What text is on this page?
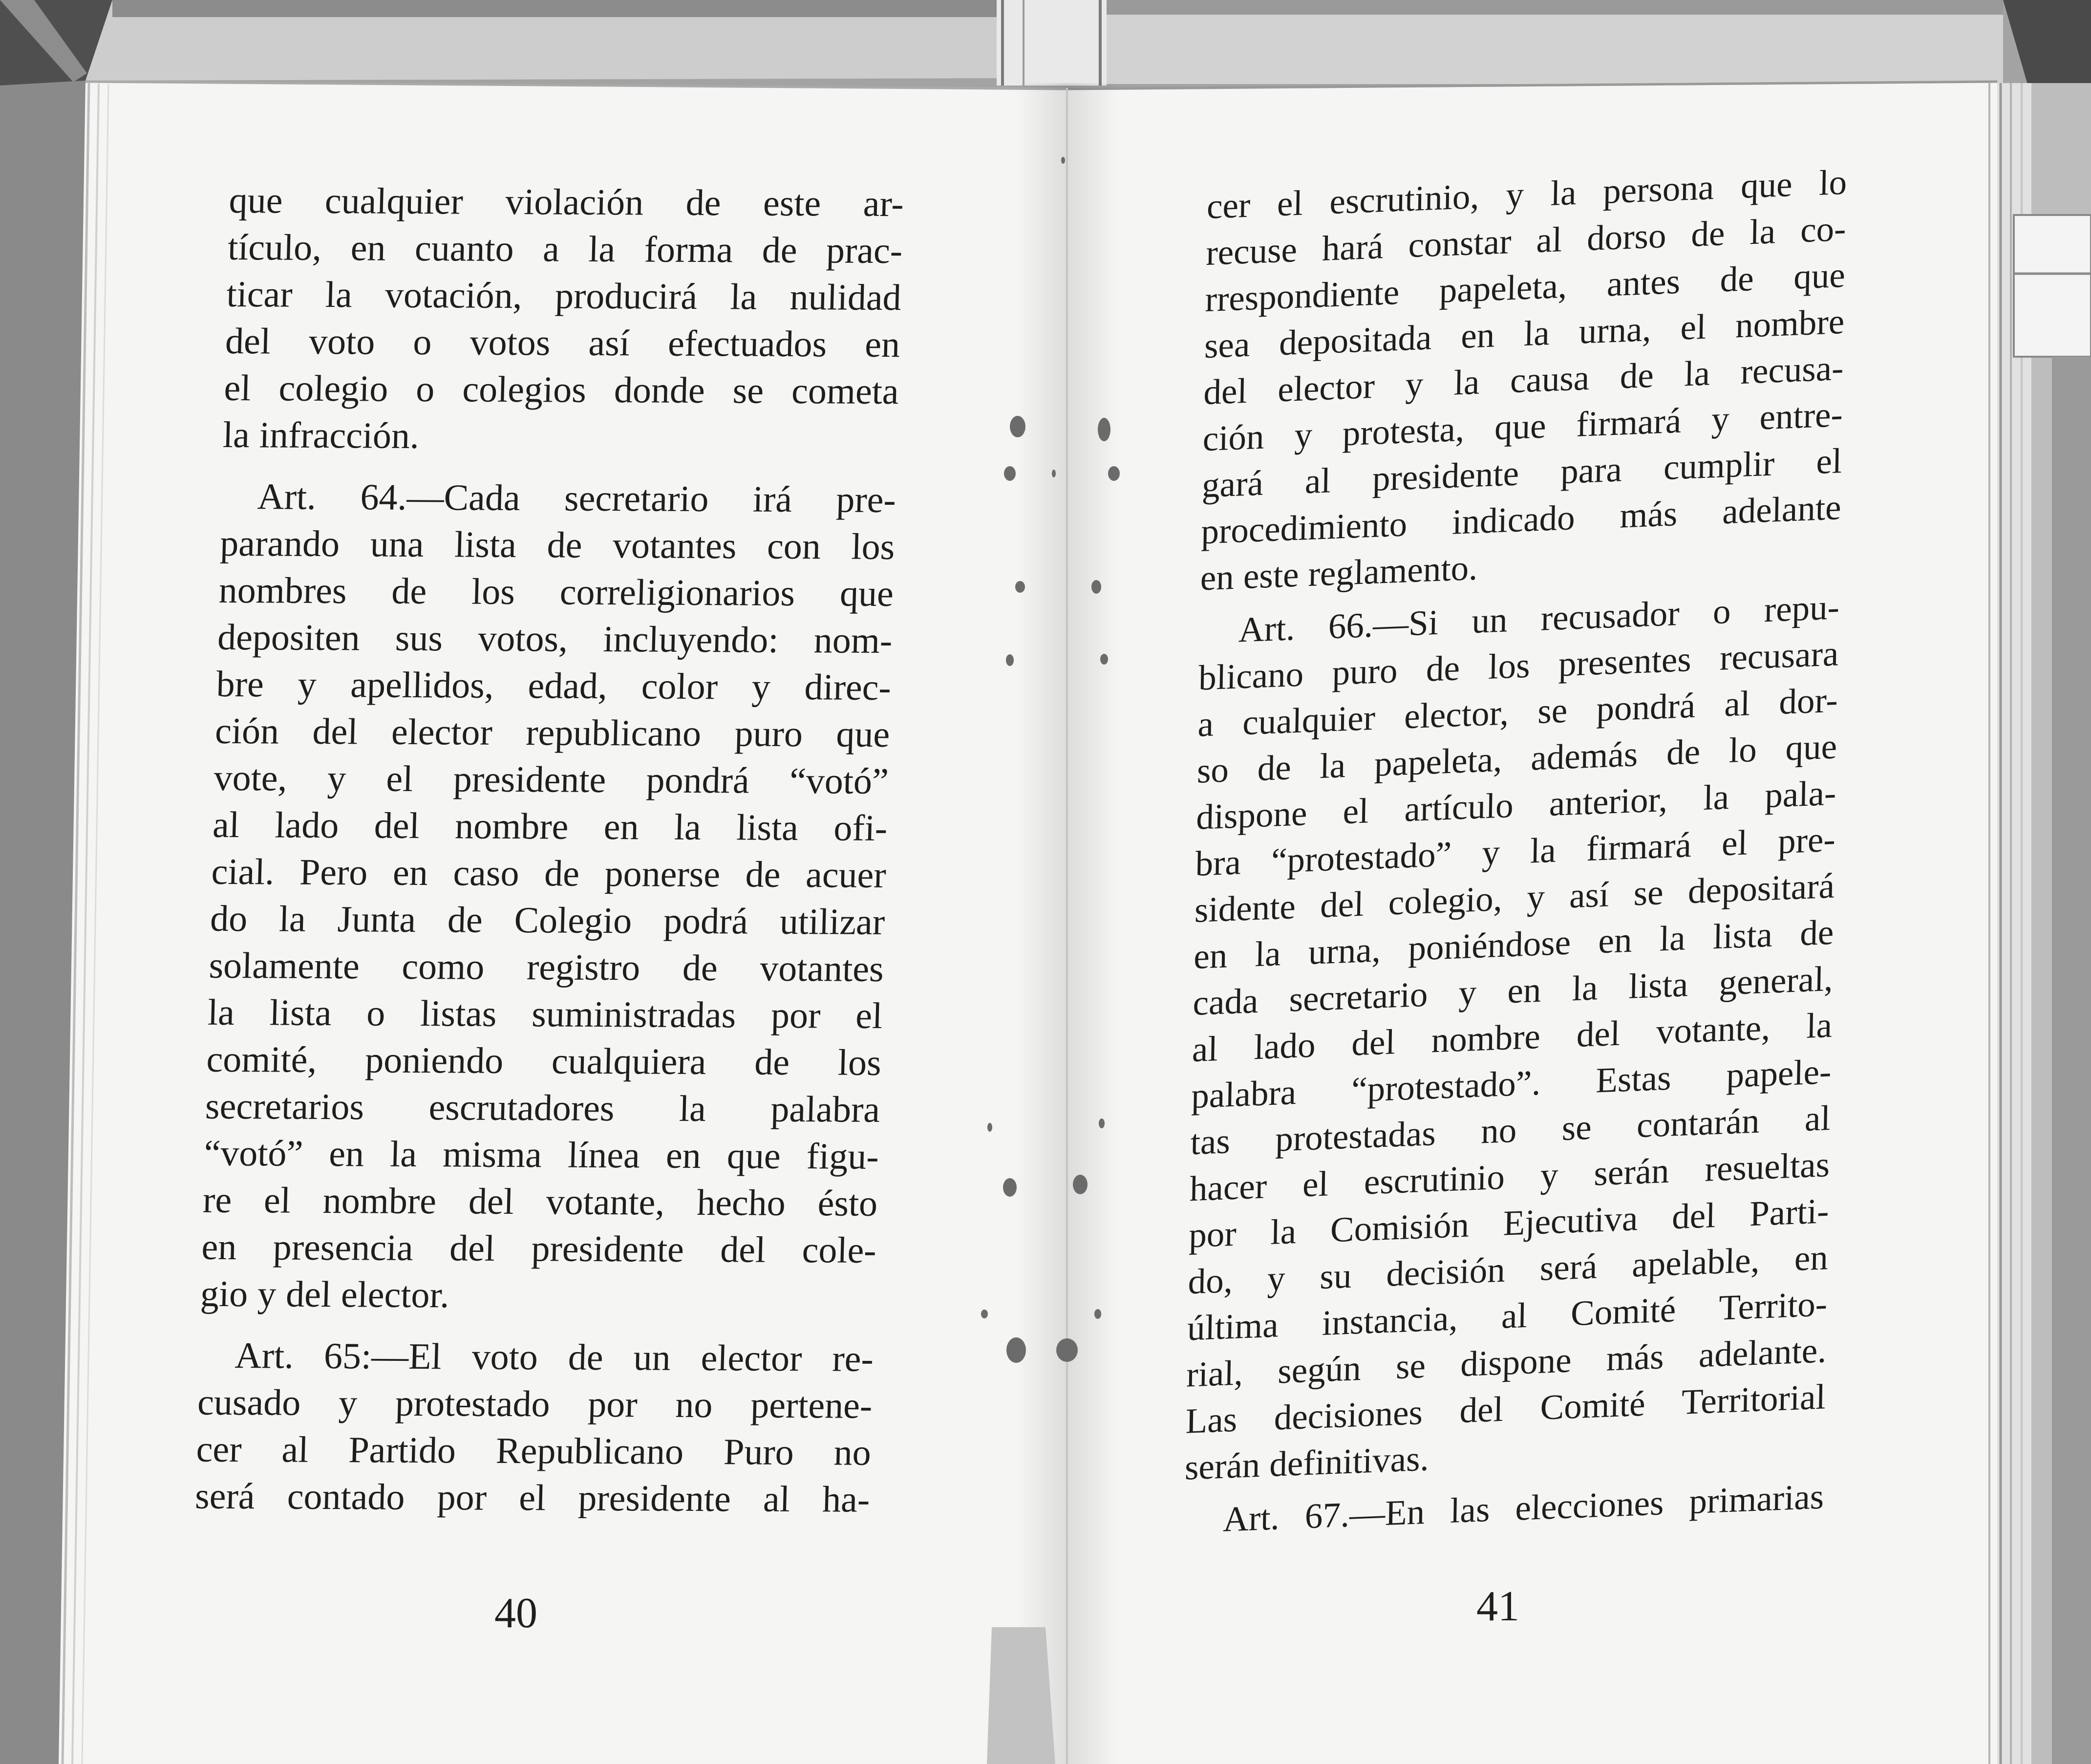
que cualquier violación de este ar-
tículo, en cuanto a la forma de prac-
ticar la votación, producirá la nulidad
del voto o votos así efectuados en
el colegio o colegios donde se cometa
la infracción.
Art. 64.—Cada secretario irá pre-
parando una lista de votantes con los
nombres de los correligionarios que
depositen sus votos, incluyendo: nom-
bre y apellidos, edad, color y direc-
ción del elector republicano puro que
vote, y el presidente pondrá “votó”
al lado del nombre en la lista ofi-
cial. Pero en caso de ponerse de acuer
do la Junta de Colegio podrá utilizar
solamente como registro de votantes
la lista o listas suministradas por el
comité, poniendo cualquiera de los
secretarios escrutadores la palabra
“votó” en la misma línea en que figu-
re el nombre del votante, hecho ésto
en presencia del presidente del cole-
gio y del elector.
Art. 65:—El voto de un elector re-
cusado y protestado por no pertene-
cer al Partido Republicano Puro no
será contado por el presidente al ha-
cer el escrutinio, y la persona que lo
recuse hará constar al dorso de la co-
rrespondiente papeleta, antes de que
sea depositada en la urna, el nombre
del elector y la causa de la recusa-
ción y protesta, que firmará y entre-
gará al presidente para cumplir el
procedimiento indicado más adelante
en este reglamento.
Art. 66.—Si un recusador o repu-
blicano puro de los presentes recusara
a cualquier elector, se pondrá al dor-
so de la papeleta, además de lo que
dispone el artículo anterior, la pala-
bra “protestado” y la firmará el pre-
sidente del colegio, y así se depositará
en la urna, poniéndose en la lista de
cada secretario y en la lista general,
al lado del nombre del votante, la
palabra “protestado”. Estas papele-
tas protestadas no se contarán al
hacer el escrutinio y serán resueltas
por la Comisión Ejecutiva del Parti-
do, y su decisión será apelable, en
última instancia, al Comité Territo-
rial, según se dispone más adelante.
Las decisiones del Comité Territorial
serán definitivas.
Art. 67.—En las elecciones primarias
40	41
